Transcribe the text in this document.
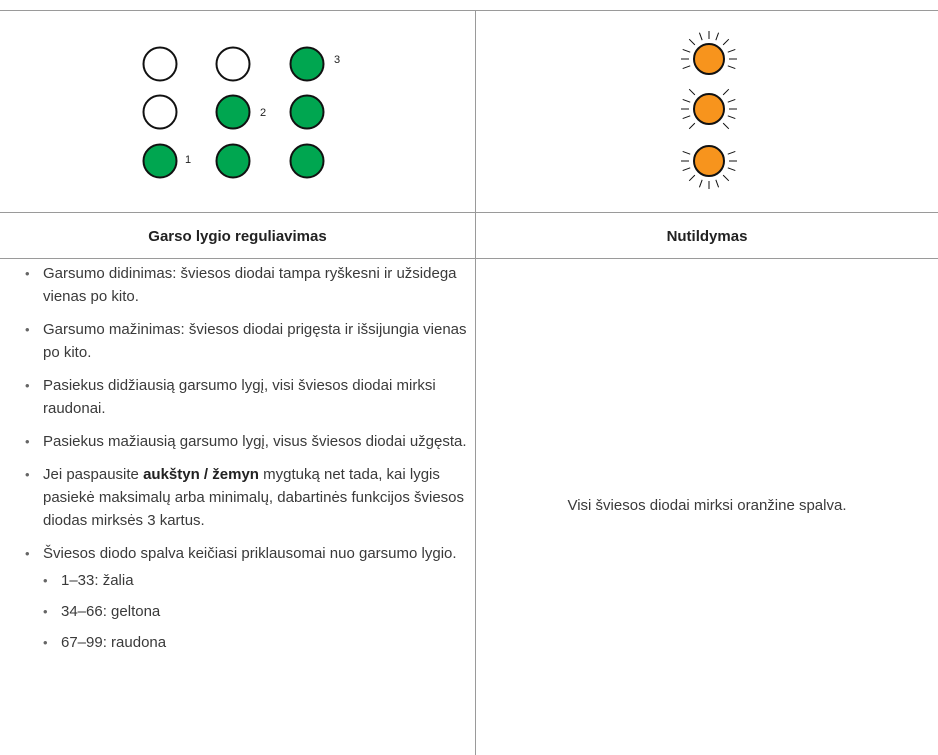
3
2
1
Garso lygio reguliavimas	Nutildymas
• Garsumo didinimas: šviesos diodai tampa ryškesni ir užsidega vienas po kito.
• Garsumo mažinimas: šviesos diodai prigęsta ir išsijungia vienas po kito.
• Pasiekus didžiausią garsumo lygį, visi šviesos diodai mirksi raudonai.
• Pasiekus mažiausią garsumo lygį, visus šviesos diodai užgęsta.
• Jei paspausite aukštyn / žemyn mygtuką net tada, kai lygis pasiekė maksimalų arba minimalų, dabartinės funkcijos šviesos diodas mirksės 3 kartus.
• Šviesos diodo spalva keičiasi priklausomai nuo garsumo lygio.
• 1–33: žalia
• 34–66: geltona
• 67–99: raudona
Visi šviesos diodai mirksi oranžine spalva.
